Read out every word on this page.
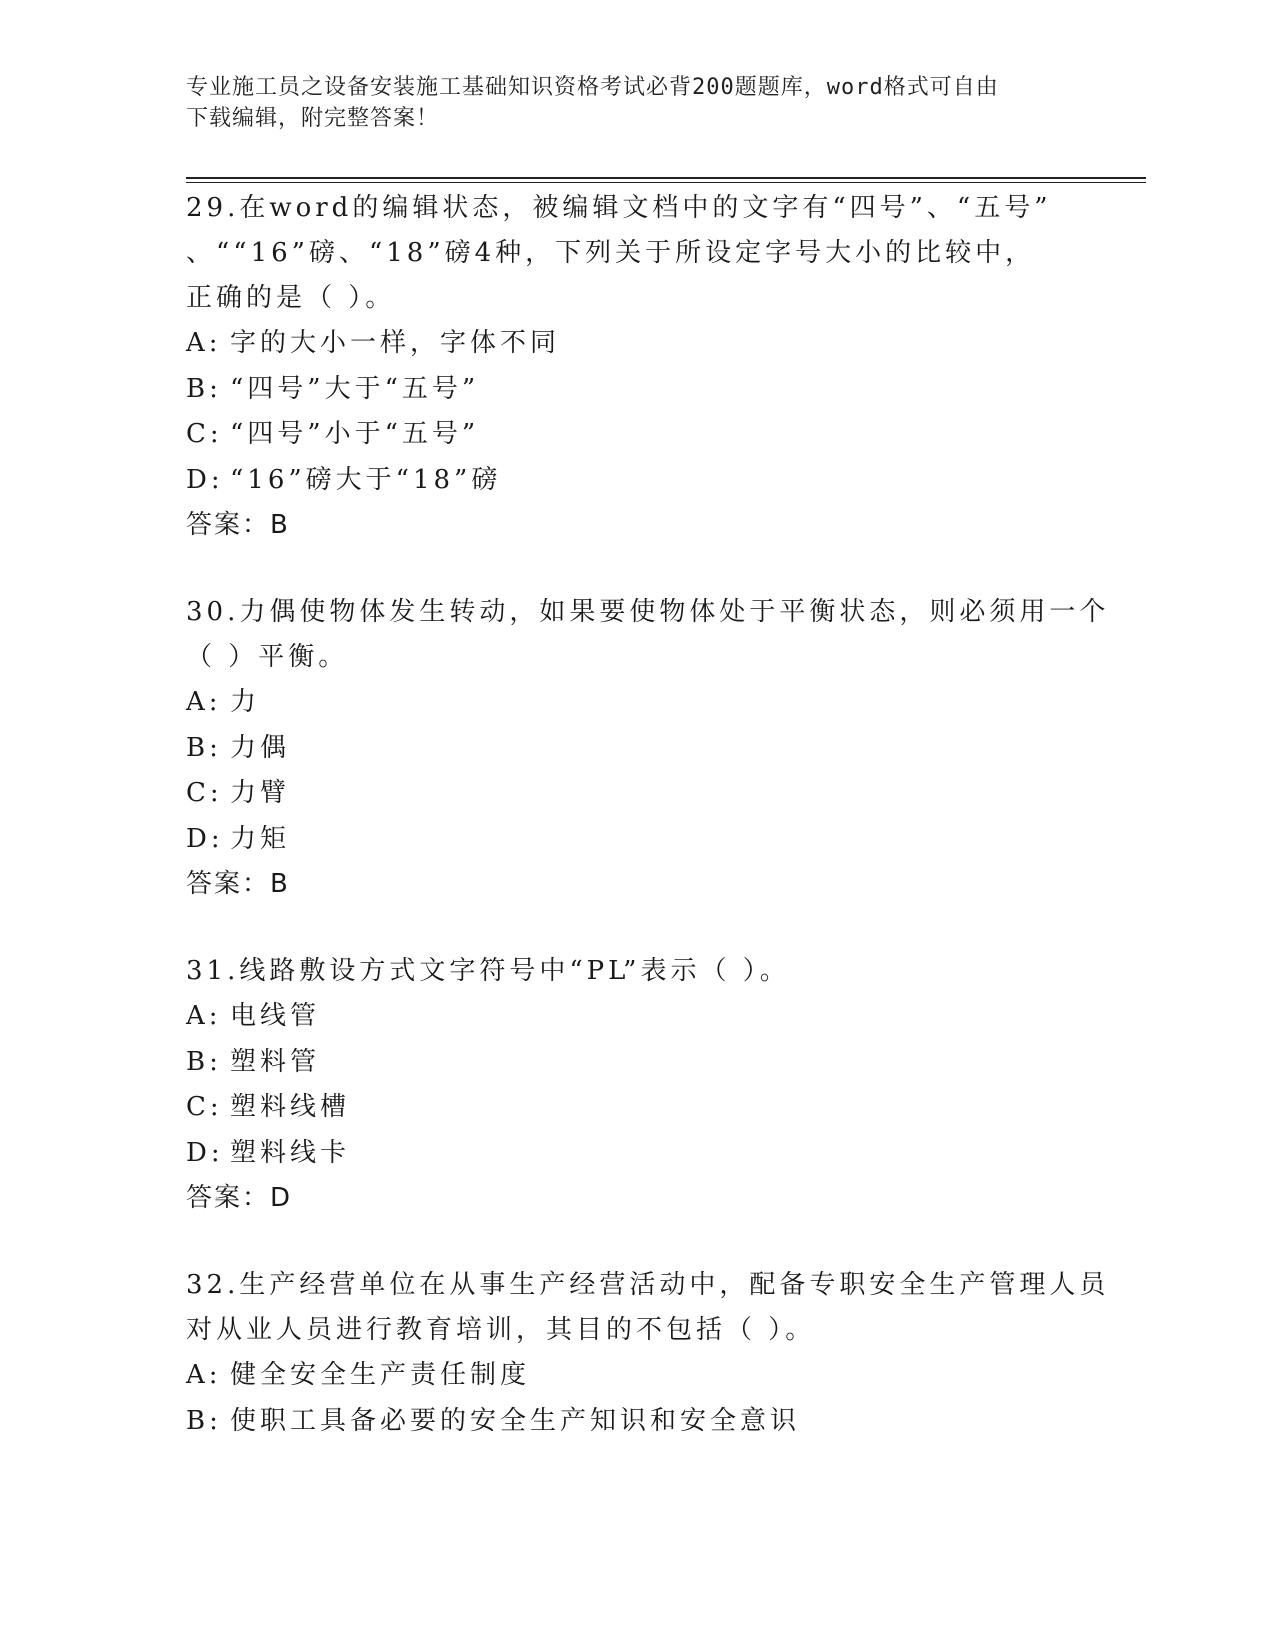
专业施工员之设备安装施工基础知识资格考试必背200题题库，word格式可自由
下载编辑，附完整答案！
29.在word的编辑状态，被编辑文档中的文字有“四号”、“五号”
、““16”磅、“18”磅4种，下列关于所设定字号大小的比较中，
正确的是（ ）。
A: 字的大小一样，字体不同
B: “四号”大于“五号”
C: “四号”小于“五号”
D: “16”磅大于“18”磅
答案：B
30.力偶使物体发生转动，如果要使物体处于平衡状态，则必须用一个
（ ）平衡。
A: 力
B: 力偶
C: 力臂
D: 力矩
答案：B
31.线路敷设方式文字符号中“PL”表示（ ）。
A: 电线管
B: 塑料管
C: 塑料线槽
D: 塑料线卡
答案：D
32.生产经营单位在从事生产经营活动中，配备专职安全生产管理人员
对从业人员进行教育培训，其目的不包括（ ）。
A: 健全安全生产责任制度
B: 使职工具备必要的安全生产知识和安全意识
